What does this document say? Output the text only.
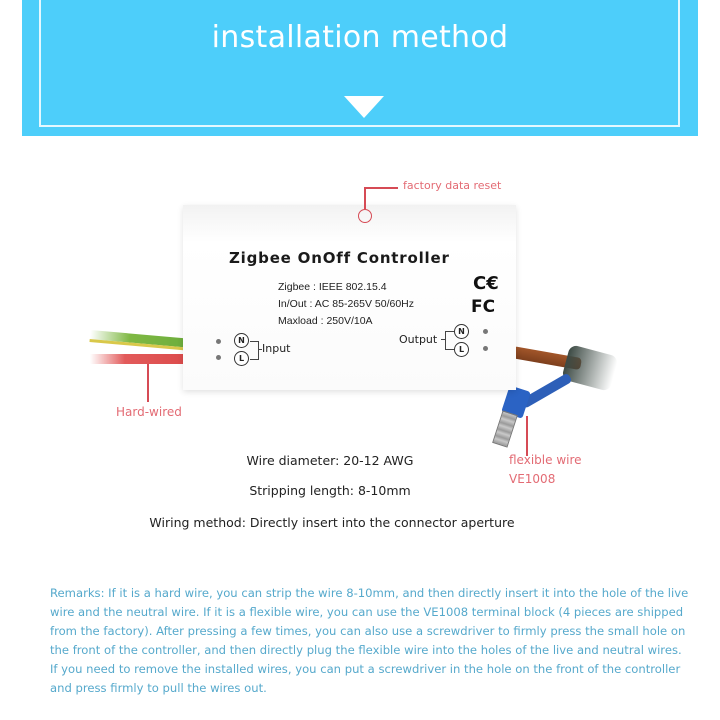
installation method
Zigbee OnOff Controller
Zigbee : IEEE 802.15.4
In/Out : AC 85-265V 50/60Hz
Maxload : 250V/10A
C€
FC
N
L
Input
Output
N
L
factory data reset
Hard-wired
flexible wire
VE1008
Wire diameter: 20-12 AWG
Stripping length: 8-10mm
Wiring method: Directly insert into the connector aperture
Remarks: If it is a hard wire, you can strip the wire 8-10mm, and then directly insert it into the hole of the live wire and the neutral wire. If it is a flexible wire, you can use the VE1008 terminal block (4 pieces are shipped from the factory). After pressing a few times, you can also use a screwdriver to firmly press the small hole on the front of the controller, and then directly plug the flexible wire into the holes of the live and neutral wires. If you need to remove the installed wires, you can put a screwdriver in the hole on the front of the controller and press firmly to pull the wires out.
